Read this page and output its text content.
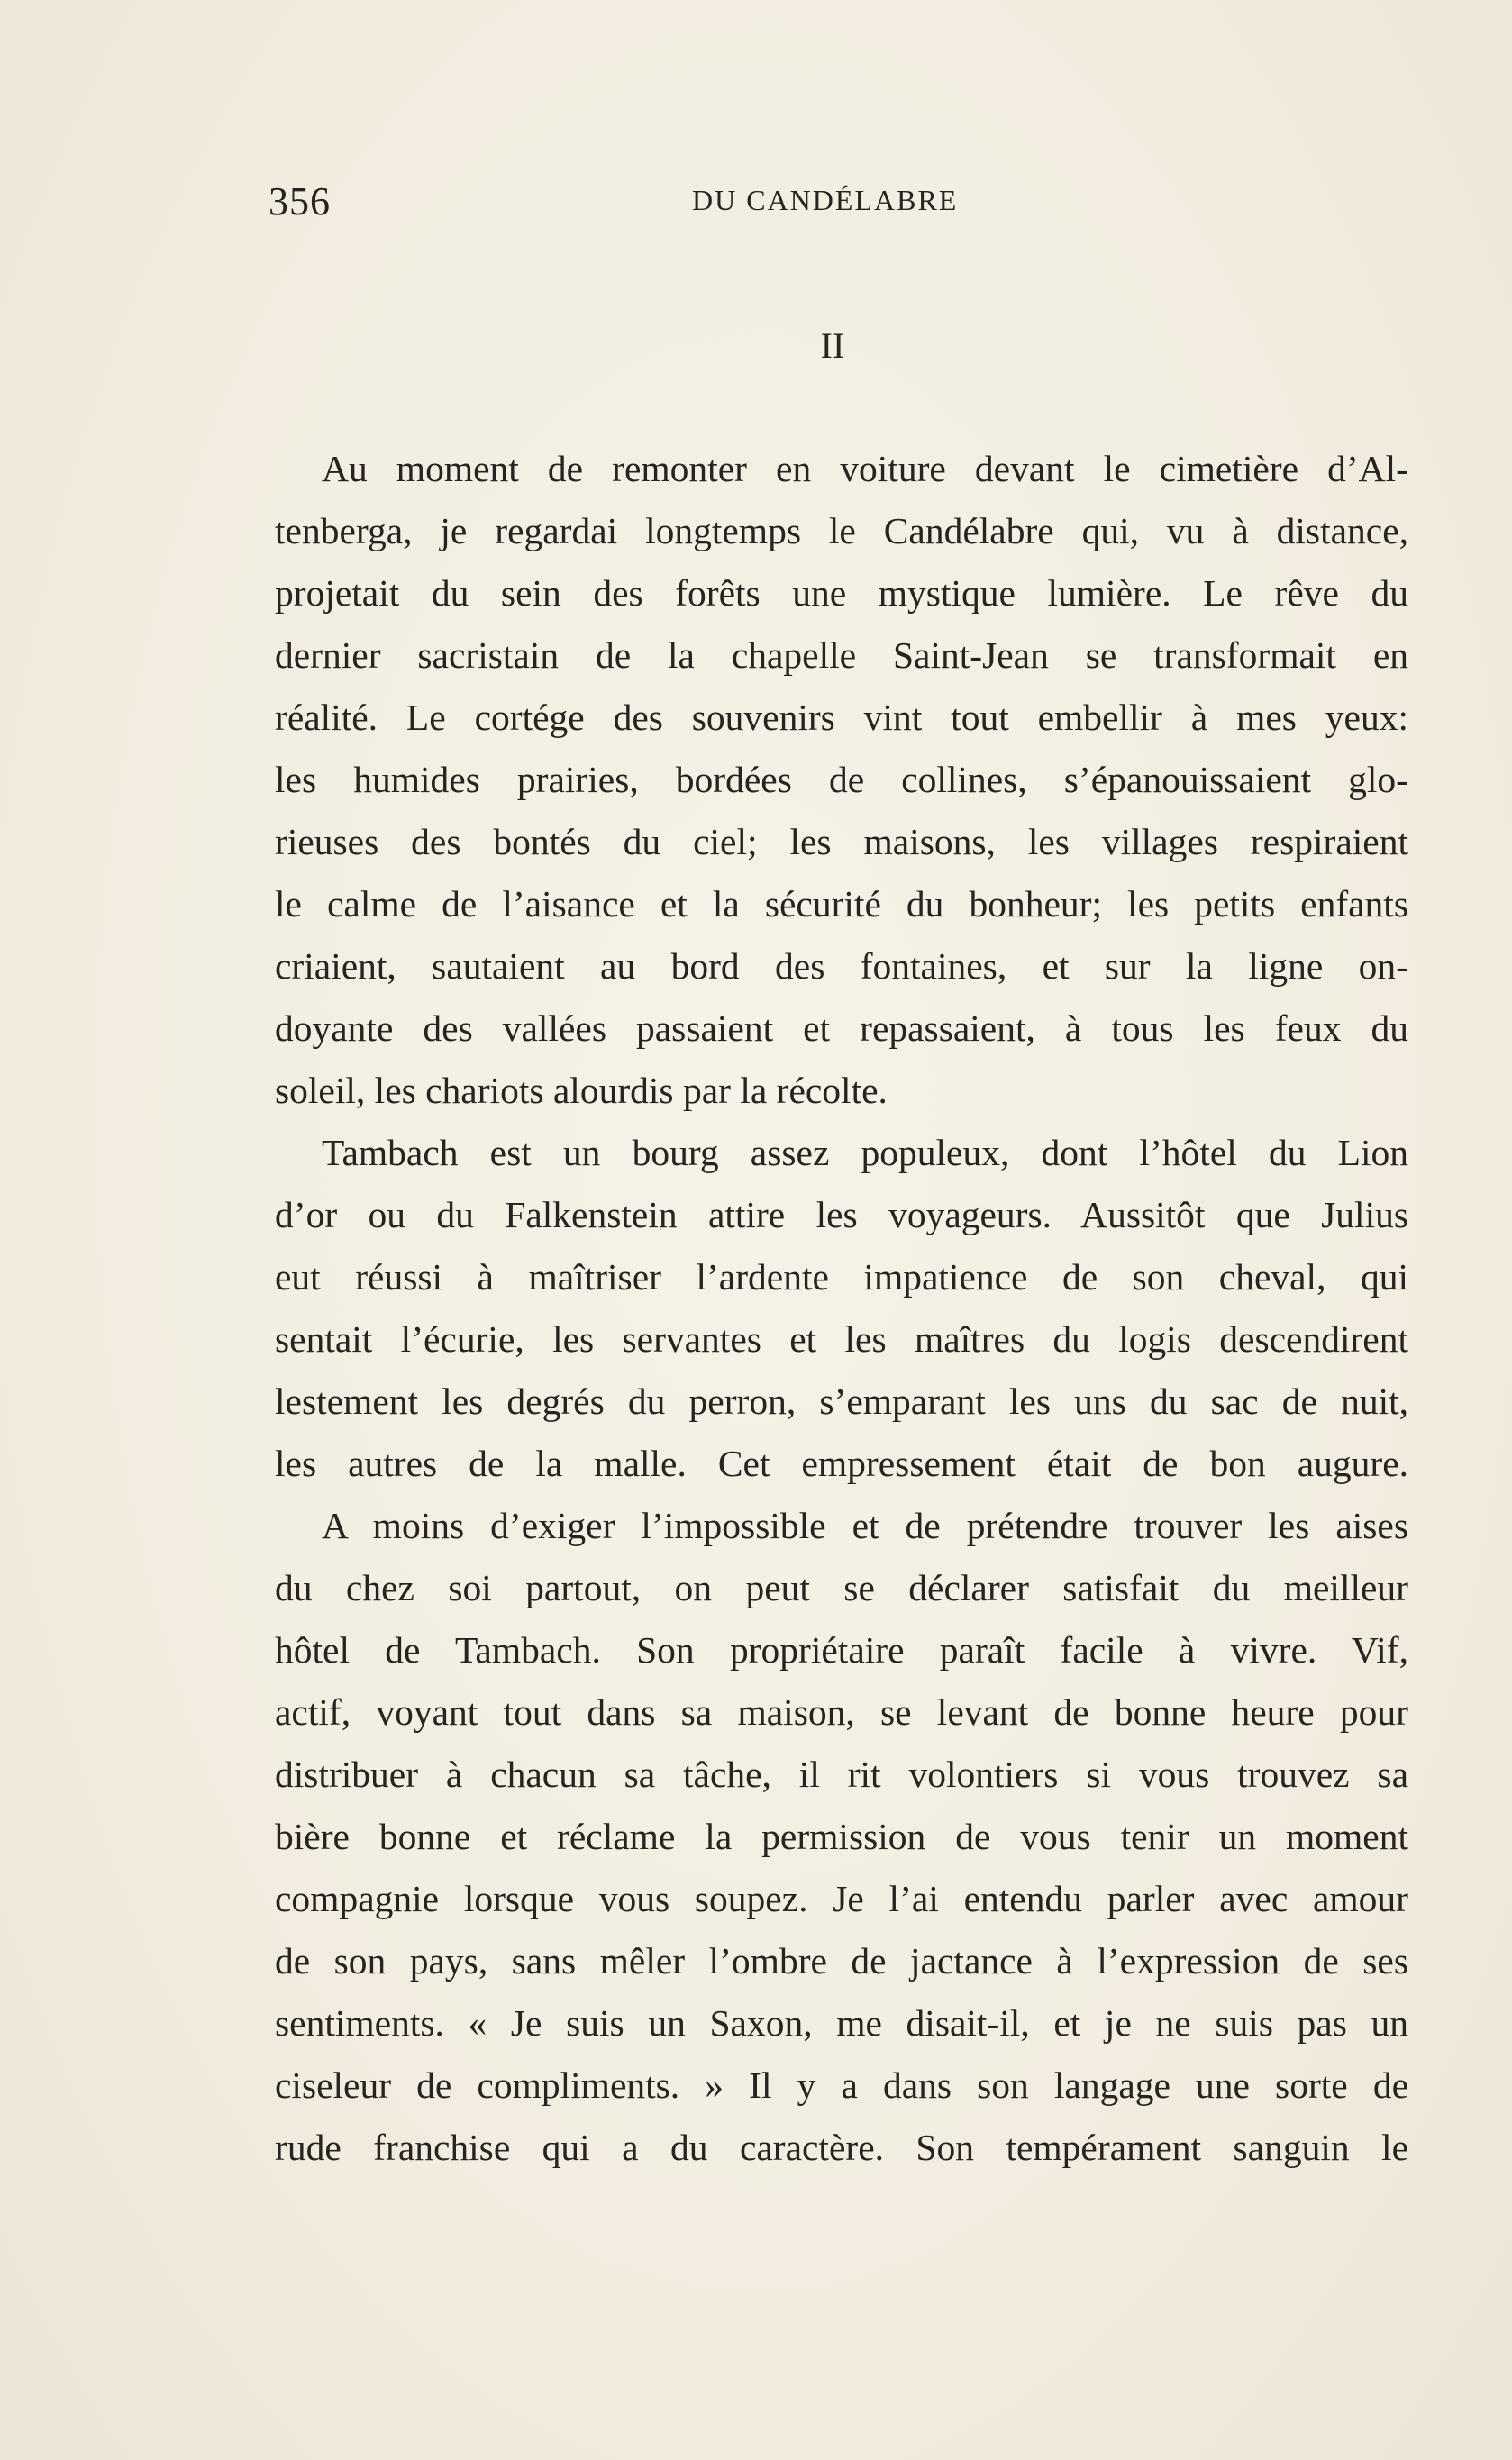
356	DU CANDÉLABRE
II
Au moment de remonter en voiture devant le cimetière d’Al-
tenberga, je regardai longtemps le Candélabre qui, vu à distance,
projetait du sein des forêts une mystique lumière. Le rêve du
dernier sacristain de la chapelle Saint-Jean se transformait en
réalité. Le cortége des souvenirs vint tout embellir à mes yeux:
les humides prairies, bordées de collines, s’épanouissaient glo-
rieuses des bontés du ciel; les maisons, les villages respiraient
le calme de l’aisance et la sécurité du bonheur; les petits enfants
criaient, sautaient au bord des fontaines, et sur la ligne on-
doyante des vallées passaient et repassaient, à tous les feux du
soleil, les chariots alourdis par la récolte.
Tambach est un bourg assez populeux, dont l’hôtel du Lion
d’or ou du Falkenstein attire les voyageurs. Aussitôt que Julius
eut réussi à maîtriser l’ardente impatience de son cheval, qui
sentait l’écurie, les servantes et les maîtres du logis descendirent
lestement les degrés du perron, s’emparant les uns du sac de nuit,
les autres de la malle. Cet empressement était de bon augure.
A moins d’exiger l’impossible et de prétendre trouver les aises
du chez soi partout, on peut se déclarer satisfait du meilleur
hôtel de Tambach. Son propriétaire paraît facile à vivre. Vif,
actif, voyant tout dans sa maison, se levant de bonne heure pour
distribuer à chacun sa tâche, il rit volontiers si vous trouvez sa
bière bonne et réclame la permission de vous tenir un moment
compagnie lorsque vous soupez. Je l’ai entendu parler avec amour
de son pays, sans mêler l’ombre de jactance à l’expression de ses
sentiments. « Je suis un Saxon, me disait-il, et je ne suis pas un
ciseleur de compliments. » Il y a dans son langage une sorte de
rude franchise qui a du caractère. Son tempérament sanguin le
